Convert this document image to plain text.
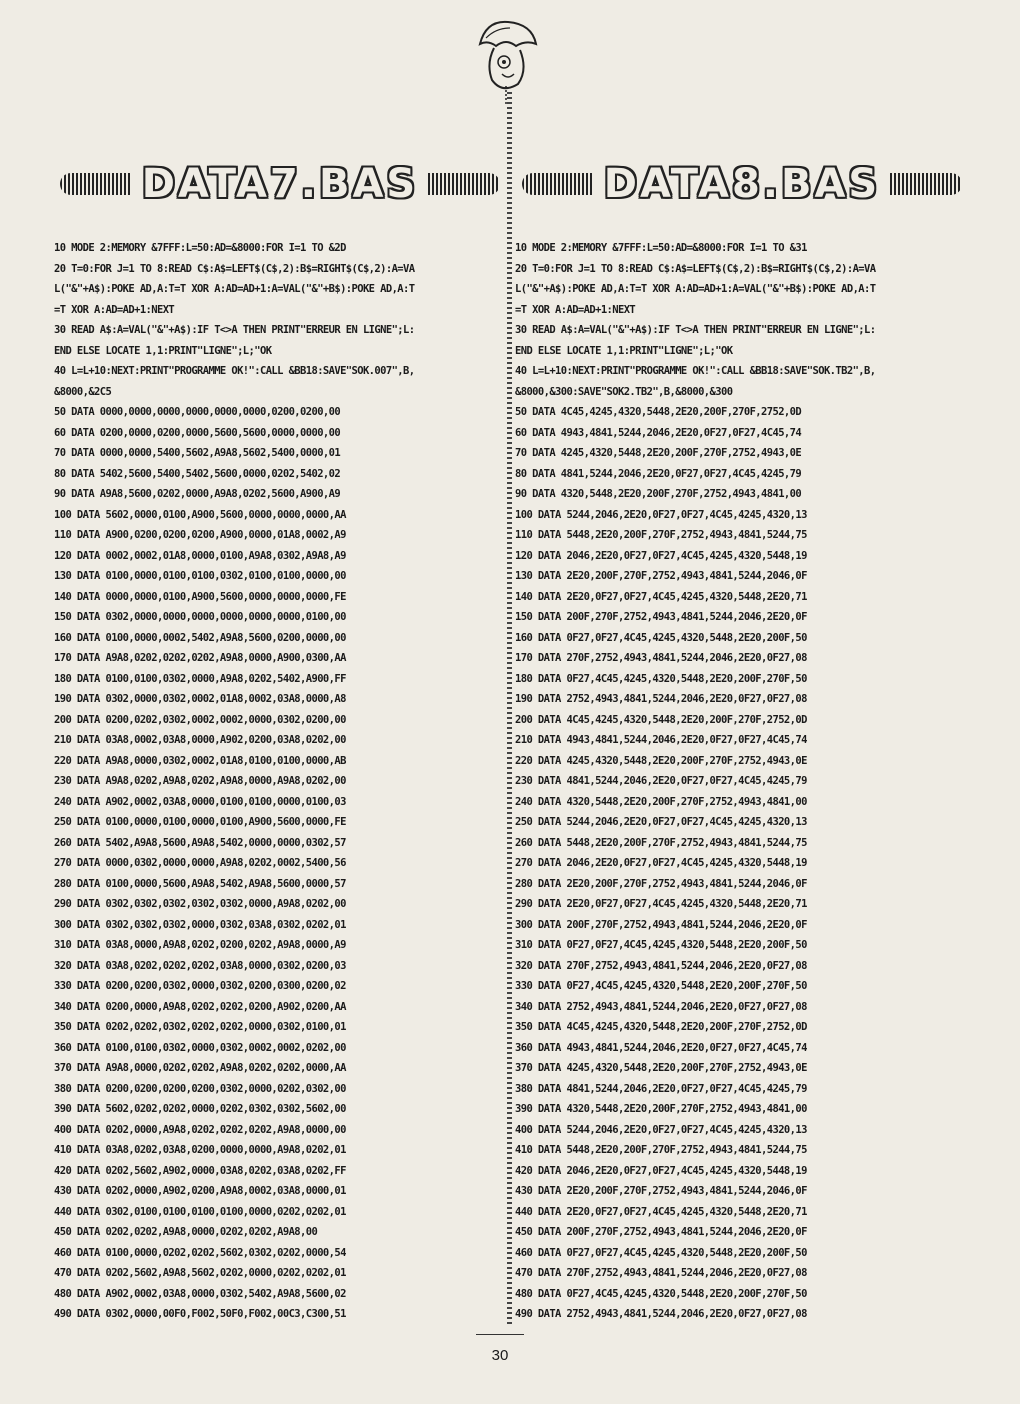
DATA7.BAS	DATA8.BAS
10 MODE 2:MEMORY &7FFF:L=50:AD=&8000:FOR I=1 TO &2D
20 T=0:FOR J=1 TO 8:READ C$:A$=LEFT$(C$,2):B$=RIGHT$(C$,2):A=VA
L("&"+A$):POKE AD,A:T=T XOR A:AD=AD+1:A=VAL("&"+B$):POKE AD,A:T
=T XOR A:AD=AD+1:NEXT
30 READ A$:A=VAL("&"+A$):IF T<>A THEN PRINT"ERREUR EN LIGNE";L:
END ELSE LOCATE 1,1:PRINT"LIGNE";L;"OK
40 L=L+10:NEXT:PRINT"PROGRAMME OK!":CALL &BB18:SAVE"SOK.007",B,
&8000,&2C5
50 DATA 0000,0000,0000,0000,0000,0000,0200,0200,00
60 DATA 0200,0000,0200,0000,5600,5600,0000,0000,00
70 DATA 0000,0000,5400,5602,A9A8,5602,5400,0000,01
80 DATA 5402,5600,5400,5402,5600,0000,0202,5402,02
90 DATA A9A8,5600,0202,0000,A9A8,0202,5600,A900,A9
100 DATA 5602,0000,0100,A900,5600,0000,0000,0000,AA
110 DATA A900,0200,0200,0200,A900,0000,01A8,0002,A9
120 DATA 0002,0002,01A8,0000,0100,A9A8,0302,A9A8,A9
130 DATA 0100,0000,0100,0100,0302,0100,0100,0000,00
140 DATA 0000,0000,0100,A900,5600,0000,0000,0000,FE
150 DATA 0302,0000,0000,0000,0000,0000,0000,0100,00
160 DATA 0100,0000,0002,5402,A9A8,5600,0200,0000,00
170 DATA A9A8,0202,0202,0202,A9A8,0000,A900,0300,AA
180 DATA 0100,0100,0302,0000,A9A8,0202,5402,A900,FF
190 DATA 0302,0000,0302,0002,01A8,0002,03A8,0000,A8
200 DATA 0200,0202,0302,0002,0002,0000,0302,0200,00
210 DATA 03A8,0002,03A8,0000,A902,0200,03A8,0202,00
220 DATA A9A8,0000,0302,0002,01A8,0100,0100,0000,AB
230 DATA A9A8,0202,A9A8,0202,A9A8,0000,A9A8,0202,00
240 DATA A902,0002,03A8,0000,0100,0100,0000,0100,03
250 DATA 0100,0000,0100,0000,0100,A900,5600,0000,FE
260 DATA 5402,A9A8,5600,A9A8,5402,0000,0000,0302,57
270 DATA 0000,0302,0000,0000,A9A8,0202,0002,5400,56
280 DATA 0100,0000,5600,A9A8,5402,A9A8,5600,0000,57
290 DATA 0302,0302,0302,0302,0302,0000,A9A8,0202,00
300 DATA 0302,0302,0302,0000,0302,03A8,0302,0202,01
310 DATA 03A8,0000,A9A8,0202,0200,0202,A9A8,0000,A9
320 DATA 03A8,0202,0202,0202,03A8,0000,0302,0200,03
330 DATA 0200,0200,0302,0000,0302,0200,0300,0200,02
340 DATA 0200,0000,A9A8,0202,0202,0200,A902,0200,AA
350 DATA 0202,0202,0302,0202,0202,0000,0302,0100,01
360 DATA 0100,0100,0302,0000,0302,0002,0002,0202,00
370 DATA A9A8,0000,0202,0202,A9A8,0202,0202,0000,AA
380 DATA 0200,0200,0200,0200,0302,0000,0202,0302,00
390 DATA 5602,0202,0202,0000,0202,0302,0302,5602,00
400 DATA 0202,0000,A9A8,0202,0202,0202,A9A8,0000,00
410 DATA 03A8,0202,03A8,0200,0000,0000,A9A8,0202,01
420 DATA 0202,5602,A902,0000,03A8,0202,03A8,0202,FF
430 DATA 0202,0000,A902,0200,A9A8,0002,03A8,0000,01
440 DATA 0302,0100,0100,0100,0100,0000,0202,0202,01
450 DATA 0202,0202,A9A8,0000,0202,0202,A9A8,00
460 DATA 0100,0000,0202,0202,5602,0302,0202,0000,54
470 DATA 0202,5602,A9A8,5602,0202,0000,0202,0202,01
480 DATA A902,0002,03A8,0000,0302,5402,A9A8,5600,02
490 DATA 0302,0000,00F0,F002,50F0,F002,00C3,C300,51
10 MODE 2:MEMORY &7FFF:L=50:AD=&8000:FOR I=1 TO &31
20 T=0:FOR J=1 TO 8:READ C$:A$=LEFT$(C$,2):B$=RIGHT$(C$,2):A=VA
L("&"+A$):POKE AD,A:T=T XOR A:AD=AD+1:A=VAL("&"+B$):POKE AD,A:T
=T XOR A:AD=AD+1:NEXT
30 READ A$:A=VAL("&"+A$):IF T<>A THEN PRINT"ERREUR EN LIGNE";L:
END ELSE LOCATE 1,1:PRINT"LIGNE";L;"OK
40 L=L+10:NEXT:PRINT"PROGRAMME OK!":CALL &BB18:SAVE"SOK.TB2",B,
&8000,&300:SAVE"SOK2.TB2",B,&8000,&300
50 DATA 4C45,4245,4320,5448,2E20,200F,270F,2752,0D
60 DATA 4943,4841,5244,2046,2E20,0F27,0F27,4C45,74
70 DATA 4245,4320,5448,2E20,200F,270F,2752,4943,0E
80 DATA 4841,5244,2046,2E20,0F27,0F27,4C45,4245,79
90 DATA 4320,5448,2E20,200F,270F,2752,4943,4841,00
100 DATA 5244,2046,2E20,0F27,0F27,4C45,4245,4320,13
110 DATA 5448,2E20,200F,270F,2752,4943,4841,5244,75
120 DATA 2046,2E20,0F27,0F27,4C45,4245,4320,5448,19
130 DATA 2E20,200F,270F,2752,4943,4841,5244,2046,0F
140 DATA 2E20,0F27,0F27,4C45,4245,4320,5448,2E20,71
150 DATA 200F,270F,2752,4943,4841,5244,2046,2E20,0F
160 DATA 0F27,0F27,4C45,4245,4320,5448,2E20,200F,50
170 DATA 270F,2752,4943,4841,5244,2046,2E20,0F27,08
180 DATA 0F27,4C45,4245,4320,5448,2E20,200F,270F,50
190 DATA 2752,4943,4841,5244,2046,2E20,0F27,0F27,08
200 DATA 4C45,4245,4320,5448,2E20,200F,270F,2752,0D
210 DATA 4943,4841,5244,2046,2E20,0F27,0F27,4C45,74
220 DATA 4245,4320,5448,2E20,200F,270F,2752,4943,0E
230 DATA 4841,5244,2046,2E20,0F27,0F27,4C45,4245,79
240 DATA 4320,5448,2E20,200F,270F,2752,4943,4841,00
250 DATA 5244,2046,2E20,0F27,0F27,4C45,4245,4320,13
260 DATA 5448,2E20,200F,270F,2752,4943,4841,5244,75
270 DATA 2046,2E20,0F27,0F27,4C45,4245,4320,5448,19
280 DATA 2E20,200F,270F,2752,4943,4841,5244,2046,0F
290 DATA 2E20,0F27,0F27,4C45,4245,4320,5448,2E20,71
300 DATA 200F,270F,2752,4943,4841,5244,2046,2E20,0F
310 DATA 0F27,0F27,4C45,4245,4320,5448,2E20,200F,50
320 DATA 270F,2752,4943,4841,5244,2046,2E20,0F27,08
330 DATA 0F27,4C45,4245,4320,5448,2E20,200F,270F,50
340 DATA 2752,4943,4841,5244,2046,2E20,0F27,0F27,08
350 DATA 4C45,4245,4320,5448,2E20,200F,270F,2752,0D
360 DATA 4943,4841,5244,2046,2E20,0F27,0F27,4C45,74
370 DATA 4245,4320,5448,2E20,200F,270F,2752,4943,0E
380 DATA 4841,5244,2046,2E20,0F27,0F27,4C45,4245,79
390 DATA 4320,5448,2E20,200F,270F,2752,4943,4841,00
400 DATA 5244,2046,2E20,0F27,0F27,4C45,4245,4320,13
410 DATA 5448,2E20,200F,270F,2752,4943,4841,5244,75
420 DATA 2046,2E20,0F27,0F27,4C45,4245,4320,5448,19
430 DATA 2E20,200F,270F,2752,4943,4841,5244,2046,0F
440 DATA 2E20,0F27,0F27,4C45,4245,4320,5448,2E20,71
450 DATA 200F,270F,2752,4943,4841,5244,2046,2E20,0F
460 DATA 0F27,0F27,4C45,4245,4320,5448,2E20,200F,50
470 DATA 270F,2752,4943,4841,5244,2046,2E20,0F27,08
480 DATA 0F27,4C45,4245,4320,5448,2E20,200F,270F,50
490 DATA 2752,4943,4841,5244,2046,2E20,0F27,0F27,08
30
